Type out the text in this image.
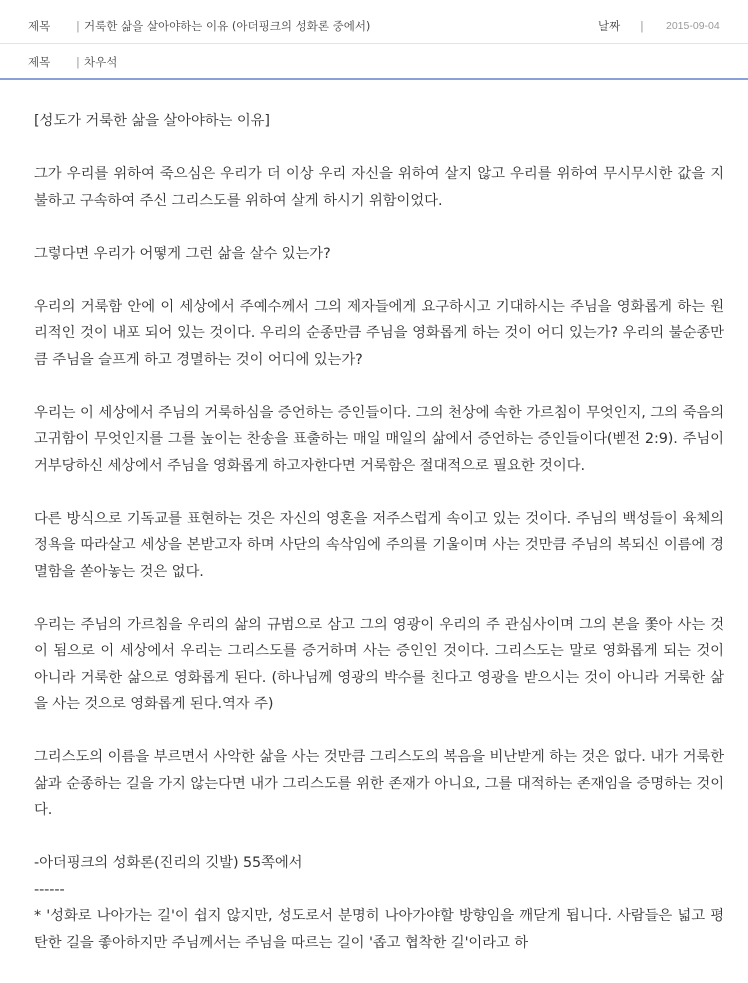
제목 | 거룩한 삶을 살아야하는 이유 (아더핑크의 성화론 중에서)	날짜 | 2015-09-04
제목 | 차우석

[성도가 거룩한 삶을 살아야하는 이유]

그가 우리를 위하여 죽으심은 우리가 더 이상 우리 자신을 위하여 살지 않고 우리를 위하여 무시무시한 값을 지불하고 구속하여 주신 그리스도를 위하여 살게 하시기 위함이었다.

그렇다면 우리가 어떻게 그런 삶을 살수 있는가?

우리의 거룩함 안에 이 세상에서 주예수께서 그의 제자들에게 요구하시고 기대하시는 주님을 영화롭게 하는 원리적인 것이 내포 되어 있는 것이다. 우리의 순종만큼 주님을 영화롭게 하는 것이 어디 있는가? 우리의 불순종만큼 주님을 슬프게 하고 경멸하는 것이 어디에 있는가?

우리는 이 세상에서 주님의 거룩하심을 증언하는 증인들이다. 그의 천상에 속한 가르침이 무엇인지, 그의 죽음의 고귀함이 무엇인지를 그를 높이는 찬송을 표출하는 매일 매일의 삶에서 증언하는 증인들이다(벧전 2:9). 주님이 거부당하신 세상에서 주님을 영화롭게 하고자한다면 거룩함은 절대적으로 필요한 것이다.

다른 방식으로 기독교를 표현하는 것은 자신의 영혼을 저주스럽게 속이고 있는 것이다. 주님의 백성들이 육체의 정욕을 따라살고 세상을 본받고자 하며 사단의 속삭임에 주의를 기울이며 사는 것만큼 주님의 복되신 이름에 경멸함을 쏟아놓는 것은 없다.

우리는 주님의 가르침을 우리의 삶의 규범으로 삼고 그의 영광이 우리의 주 관심사이며 그의 본을 쫓아 사는 것이 됨으로 이 세상에서 우리는 그리스도를 증거하며 사는 증인인 것이다. 그리스도는 말로 영화롭게 되는 것이 아니라 거룩한 삶으로 영화롭게 된다. (하나님께 영광의 박수를 친다고 영광을 받으시는 것이 아니라 거룩한 삶을 사는 것으로 영화롭게 된다.역자 주)

그리스도의 이름을 부르면서 사악한 삶을 사는 것만큼 그리스도의 복음을 비난받게 하는 것은 없다. 내가 거룩한 삶과 순종하는 길을 가지 않는다면 내가 그리스도를 위한 존재가 아니요, 그를 대적하는 존재임을 증명하는 것이다.

-아더핑크의 성화론(진리의 깃발) 55쪽에서

------

* '성화로 나아가는 길'이 쉽지 않지만, 성도로서 분명히 나아가야할 방향임을 깨닫게 됩니다. 사람들은 넓고 평탄한 길을 좋아하지만 주님께서는 주님을 따르는 길이 '좁고 협착한 길'이라고 하
